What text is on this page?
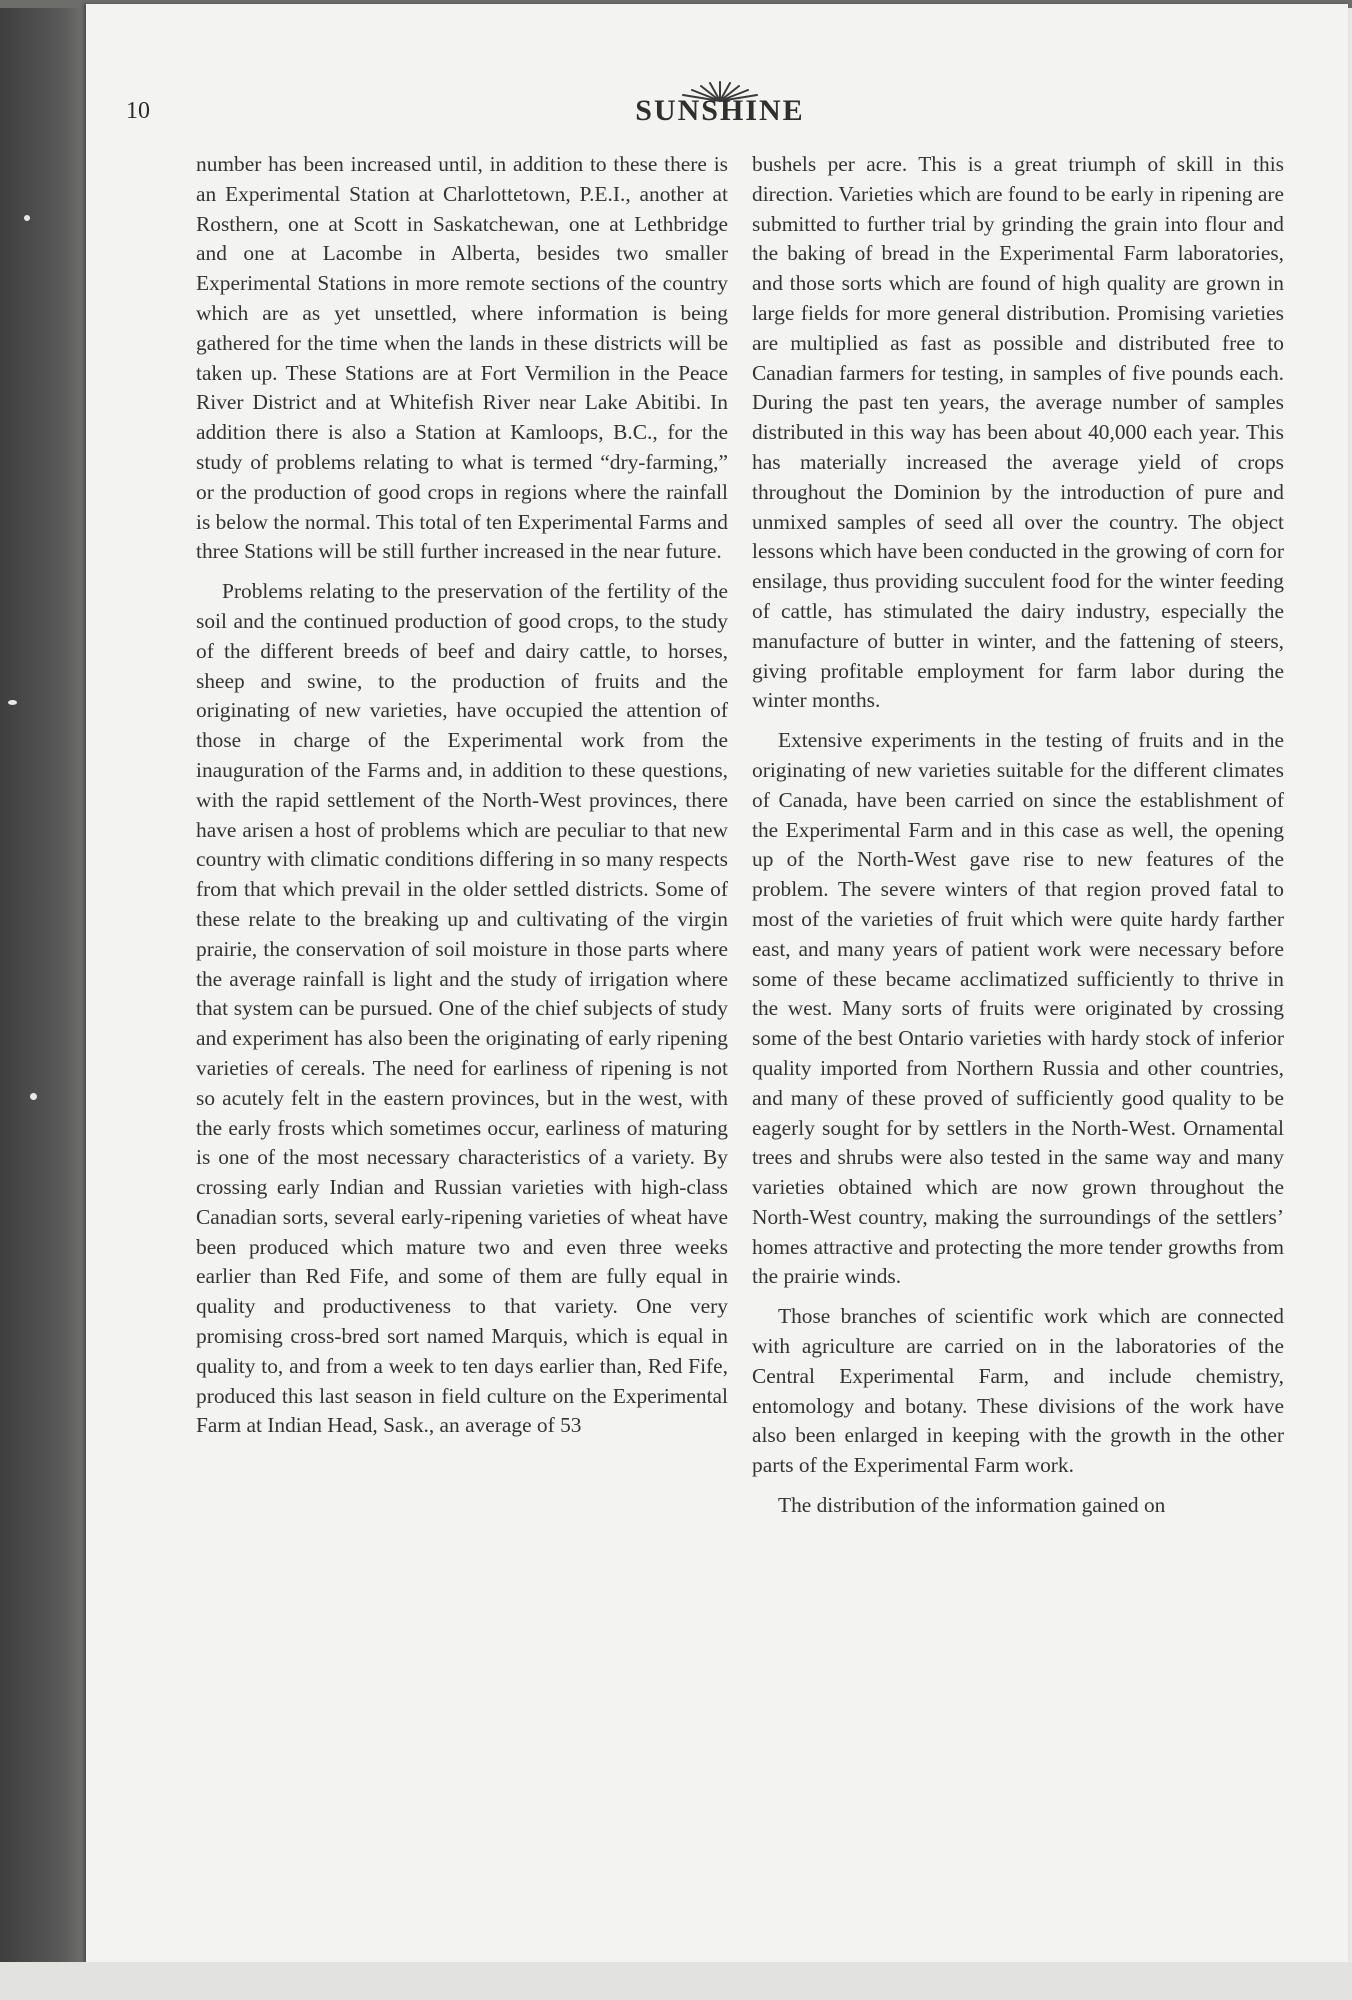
10	SUNSHINE

number has been increased until, in addition to these there is an Experimental Station at Charlottetown, P.E.I., another at Rosthern, one at Scott in Saskatchewan, one at Lethbridge and one at Lacombe in Alberta, besides two smaller Experimental Stations in more remote sections of the country which are as yet unsettled, where information is being gathered for the time when the lands in these districts will be taken up. These Stations are at Fort Vermilion in the Peace River District and at Whitefish River near Lake Abitibi. In addition there is also a Station at Kamloops, B.C., for the study of problems relating to what is termed “dry-farming,” or the production of good crops in regions where the rainfall is below the normal. This total of ten Experimental Farms and three Stations will be still further increased in the near future.

Problems relating to the preservation of the fertility of the soil and the continued production of good crops, to the study of the different breeds of beef and dairy cattle, to horses, sheep and swine, to the production of fruits and the originating of new varieties, have occupied the attention of those in charge of the Experimental work from the inauguration of the Farms and, in addition to these questions, with the rapid settlement of the North-West provinces, there have arisen a host of problems which are peculiar to that new country with climatic conditions differing in so many respects from that which prevail in the older settled districts. Some of these relate to the breaking up and cultivating of the virgin prairie, the conservation of soil moisture in those parts where the average rainfall is light and the study of irrigation where that system can be pursued. One of the chief subjects of study and experiment has also been the originating of early ripening varieties of cereals. The need for earliness of ripening is not so acutely felt in the eastern provinces, but in the west, with the early frosts which sometimes occur, earliness of maturing is one of the most necessary characteristics of a variety. By crossing early Indian and Russian varieties with high-class Canadian sorts, several early-ripening varieties of wheat have been produced which mature two and even three weeks earlier than Red Fife, and some of them are fully equal in quality and productiveness to that variety. One very promising cross-bred sort named Marquis, which is equal in quality to, and from a week to ten days earlier than, Red Fife, produced this last season in field culture on the Experimental Farm at Indian Head, Sask., an average of 53

bushels per acre. This is a great triumph of skill in this direction. Varieties which are found to be early in ripening are submitted to further trial by grinding the grain into flour and the baking of bread in the Experimental Farm laboratories, and those sorts which are found of high quality are grown in large fields for more general distribution. Promising varieties are multiplied as fast as possible and distributed free to Canadian farmers for testing, in samples of five pounds each. During the past ten years, the average number of samples distributed in this way has been about 40,000 each year. This has materially increased the average yield of crops throughout the Dominion by the introduction of pure and unmixed samples of seed all over the country. The object lessons which have been conducted in the growing of corn for ensilage, thus providing succulent food for the winter feeding of cattle, has stimulated the dairy industry, especially the manufacture of butter in winter, and the fattening of steers, giving profitable employment for farm labor during the winter months.

Extensive experiments in the testing of fruits and in the originating of new varieties suitable for the different climates of Canada, have been carried on since the establishment of the Experimental Farm and in this case as well, the opening up of the North-West gave rise to new features of the problem. The severe winters of that region proved fatal to most of the varieties of fruit which were quite hardy farther east, and many years of patient work were necessary before some of these became acclimatized sufficiently to thrive in the west. Many sorts of fruits were originated by crossing some of the best Ontario varieties with hardy stock of inferior quality imported from Northern Russia and other countries, and many of these proved of sufficiently good quality to be eagerly sought for by settlers in the North-West. Ornamental trees and shrubs were also tested in the same way and many varieties obtained which are now grown throughout the North-West country, making the surroundings of the settlers’ homes attractive and protecting the more tender growths from the prairie winds.

Those branches of scientific work which are connected with agriculture are carried on in the laboratories of the Central Experimental Farm, and include chemistry, entomology and botany. These divisions of the work have also been enlarged in keeping with the growth in the other parts of the Experimental Farm work.

The distribution of the information gained on
